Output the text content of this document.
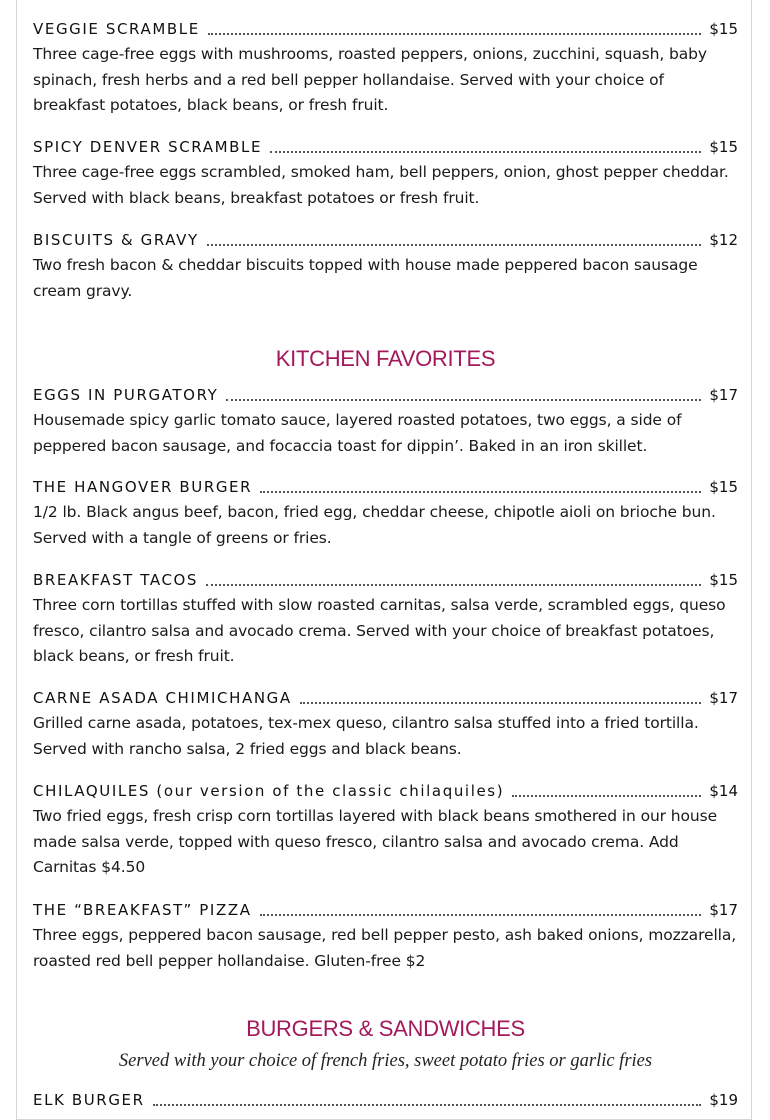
VEGGIE SCRAMBLE	$15

Three cage-free eggs with mushrooms, roasted peppers, onions, zucchini, squash, baby spinach, fresh herbs and a red bell pepper hollandaise. Served with your choice of breakfast potatoes, black beans, or fresh fruit.

SPICY DENVER SCRAMBLE	$15

Three cage-free eggs scrambled, smoked ham, bell peppers, onion, ghost pepper cheddar. Served with black beans, breakfast potatoes or fresh fruit.

BISCUITS & GRAVY	$12

Two fresh bacon & cheddar biscuits topped with house made peppered bacon sausage cream gravy.

KITCHEN FAVORITES
EGGS IN PURGATORY	$17

Housemade spicy garlic tomato sauce, layered roasted potatoes, two eggs, a side of peppered bacon sausage, and focaccia toast for dippin’. Baked in an iron skillet.

THE HANGOVER BURGER	$15

1/2 lb. Black angus beef, bacon, fried egg, cheddar cheese, chipotle aioli on brioche bun. Served with a tangle of greens or fries.

BREAKFAST TACOS	$15

Three corn tortillas stuffed with slow roasted carnitas, salsa verde, scrambled eggs, queso fresco, cilantro salsa and avocado crema. Served with your choice of breakfast potatoes, black beans, or fresh fruit.

CARNE ASADA CHIMICHANGA	$17

Grilled carne asada, potatoes, tex-mex queso, cilantro salsa stuffed into a fried tortilla. Served with rancho salsa, 2 fried eggs and black beans.

CHILAQUILES (our version of the classic chilaquiles)	$14

Two fried eggs, fresh crisp corn tortillas layered with black beans smothered in our house made salsa verde, topped with queso fresco, cilantro salsa and avocado crema. Add Carnitas $4.50

THE “BREAKFAST” PIZZA	$17

Three eggs, peppered bacon sausage, red bell pepper pesto, ash baked onions, mozzarella, roasted red bell pepper hollandaise. Gluten-free $2

BURGERS & SANDWICHES

Served with your choice of french fries, sweet potato fries or garlic fries

ELK BURGER	$19
